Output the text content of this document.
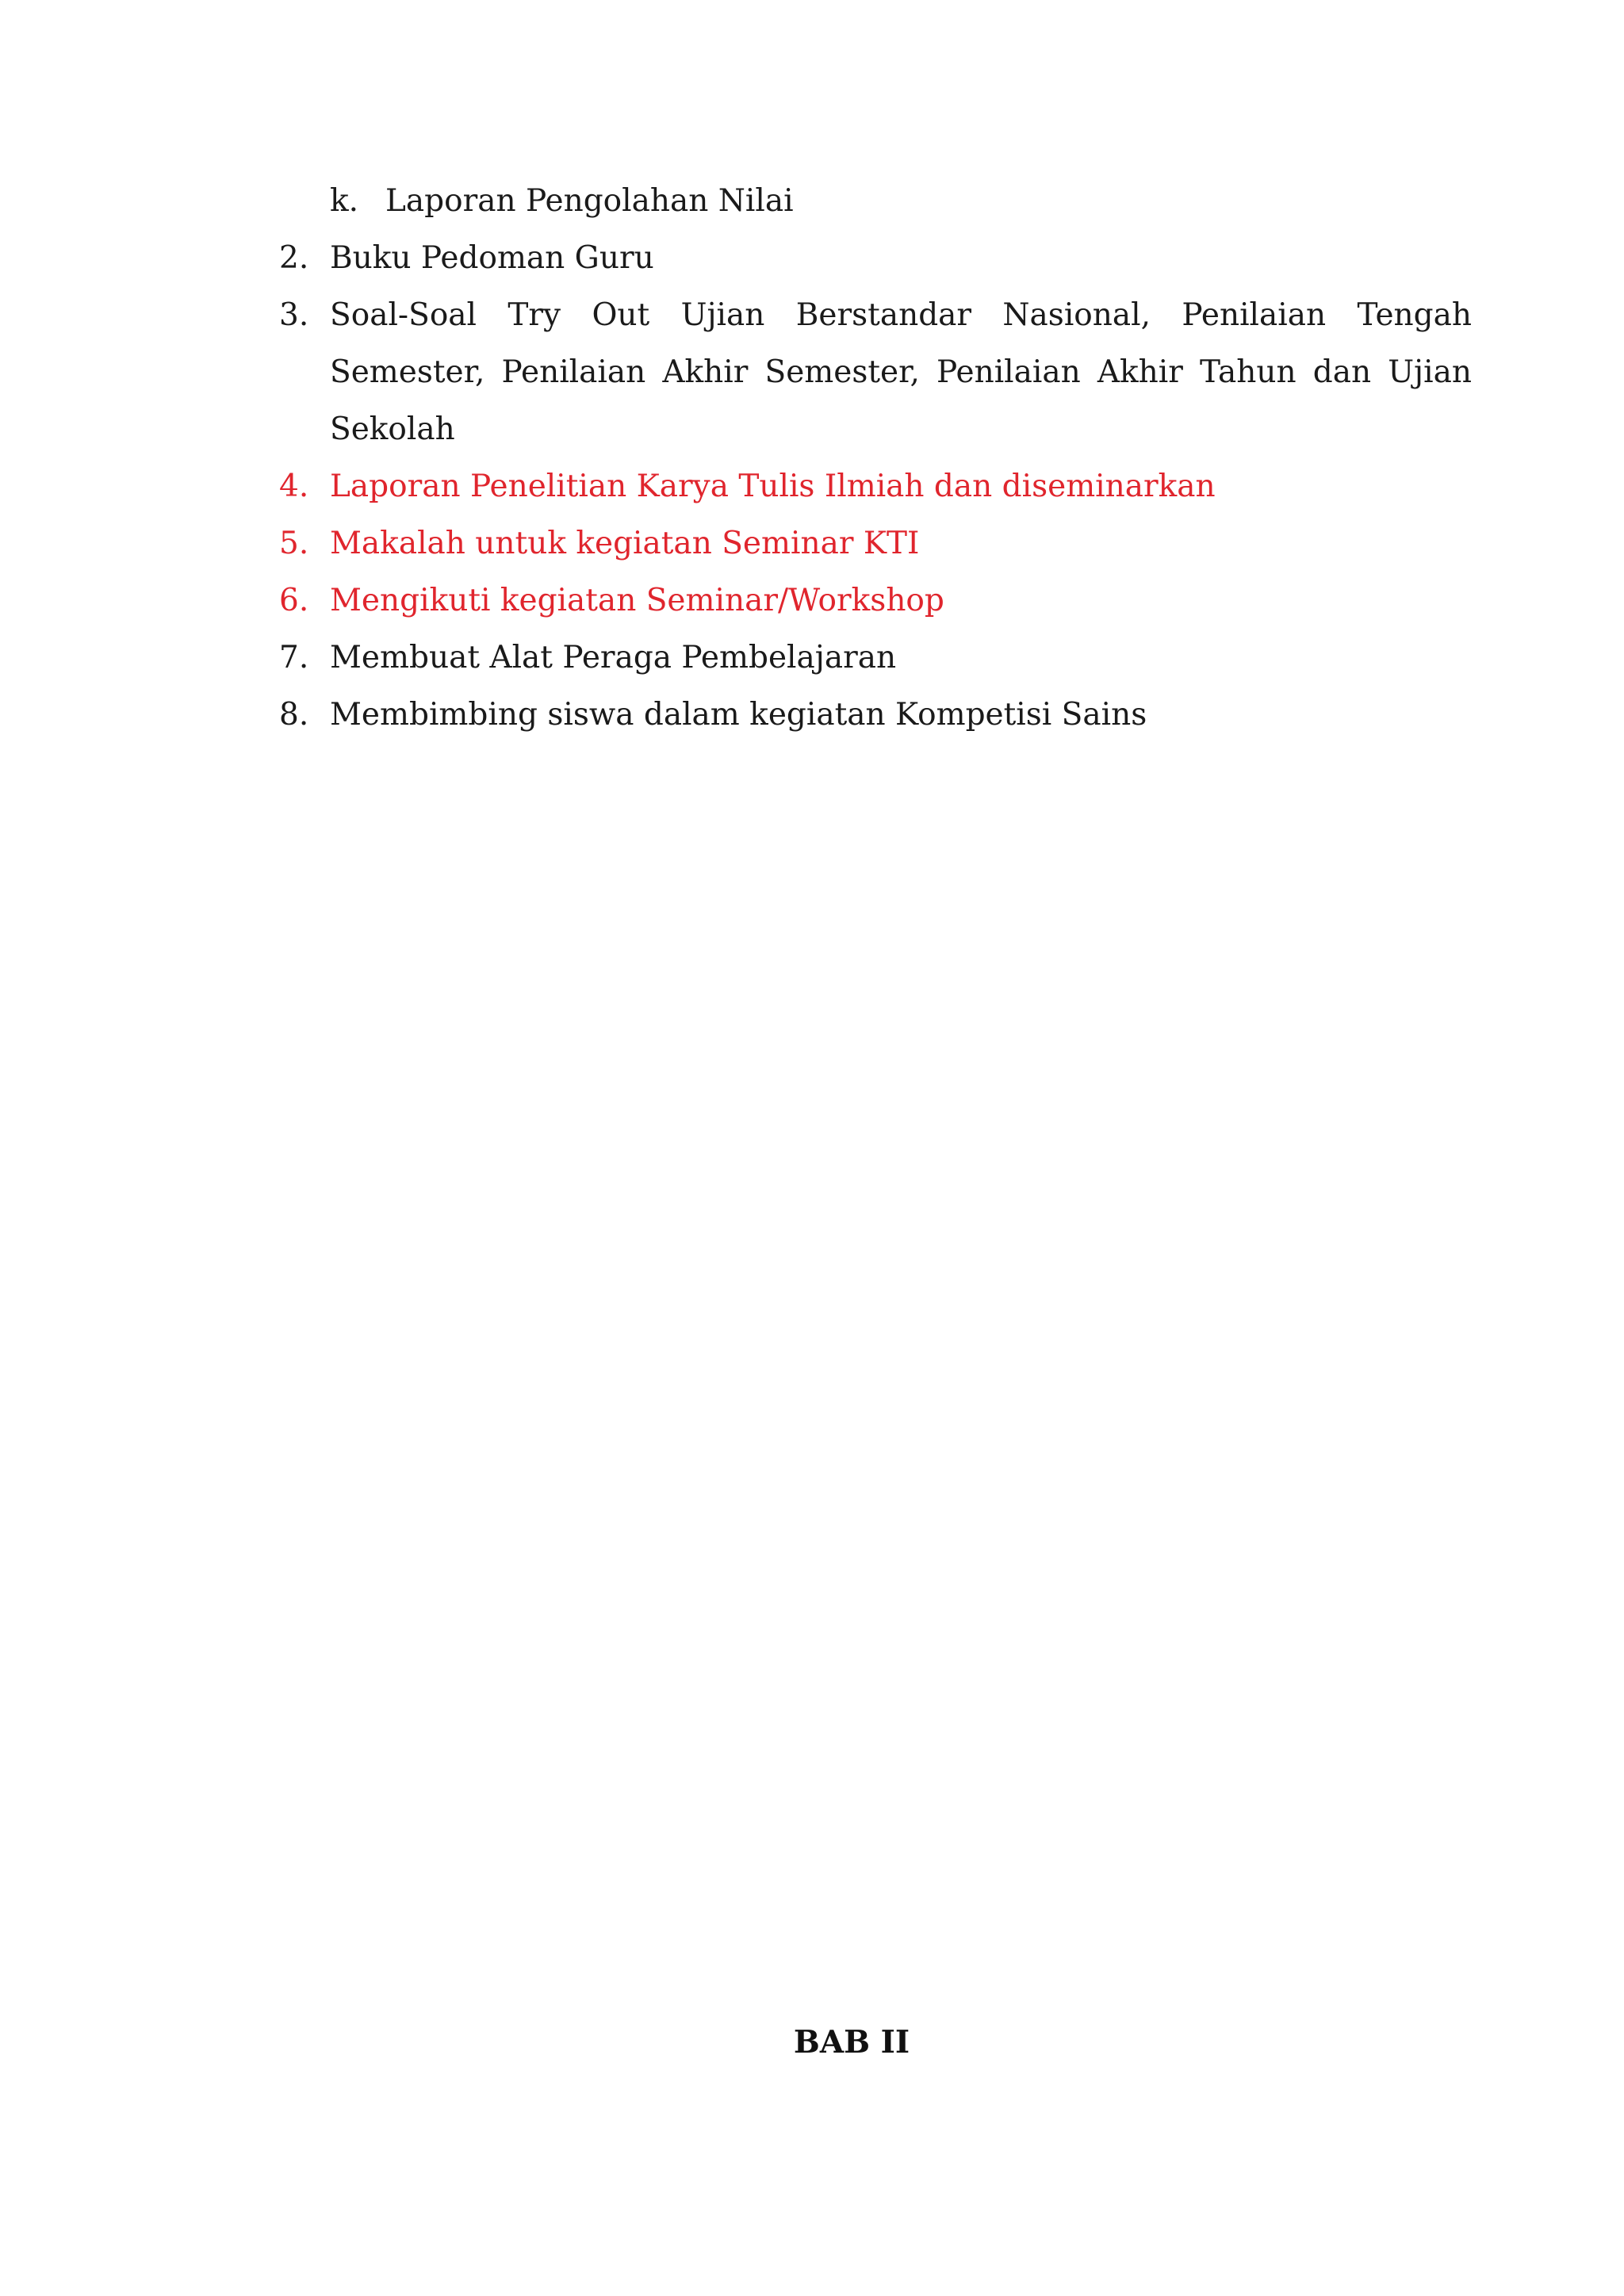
k. Laporan Pengolahan Nilai
2. Buku Pedoman Guru
3. Soal-Soal Try Out Ujian Berstandar Nasional, Penilaian Tengah Semester, Penilaian Akhir Semester, Penilaian Akhir Tahun dan Ujian Sekolah
4. Laporan Penelitian Karya Tulis Ilmiah dan diseminarkan
5. Makalah untuk kegiatan Seminar KTI
6. Mengikuti kegiatan Seminar/Workshop
7. Membuat Alat Peraga Pembelajaran
8. Membimbing siswa dalam kegiatan Kompetisi Sains
BAB II
